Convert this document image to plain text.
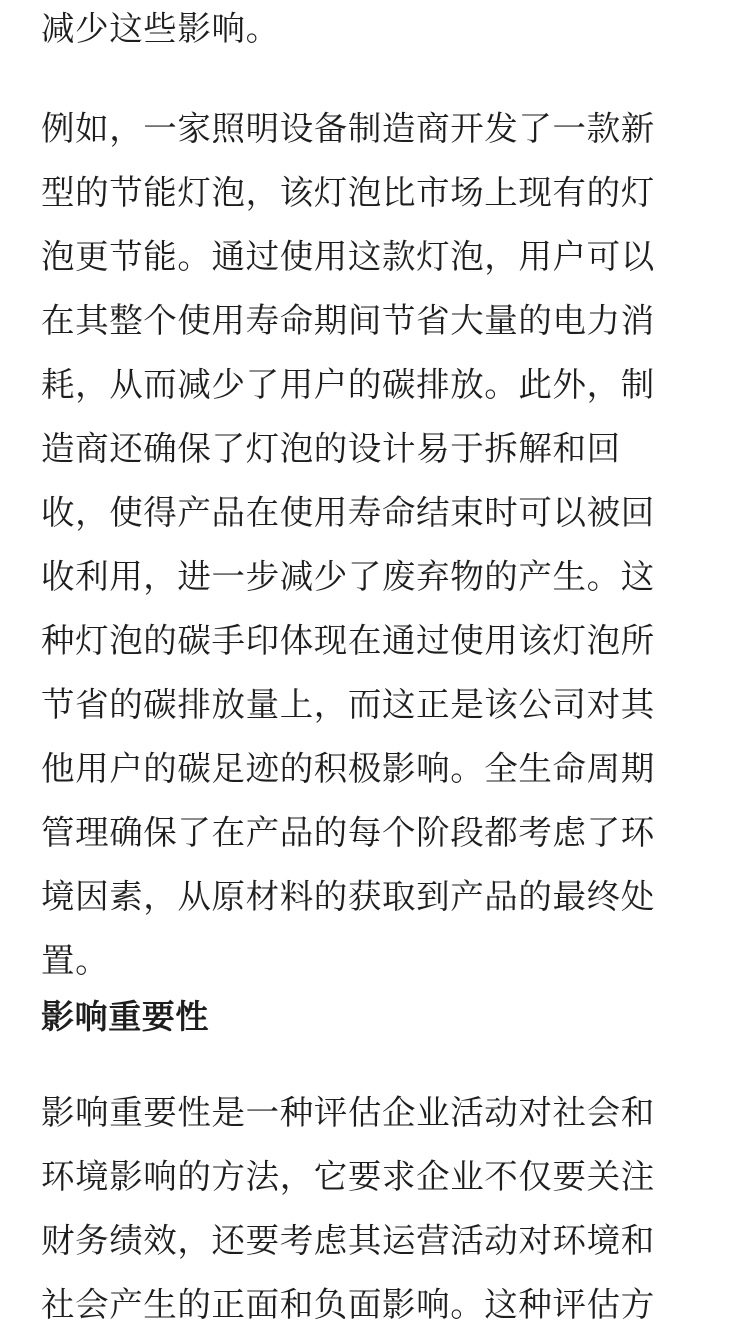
减少这些影响。
例如，一家照明设备制造商开发了一款新
型的节能灯泡，该灯泡比市场上现有的灯
泡更节能。通过使用这款灯泡，用户可以
在其整个使用寿命期间节省大量的电力消
耗，从而减少了用户的碳排放。此外，制
造商还确保了灯泡的设计易于拆解和回
收，使得产品在使用寿命结束时可以被回
收利用，进一步减少了废弃物的产生。这
种灯泡的碳手印体现在通过使用该灯泡所
节省的碳排放量上，而这正是该公司对其
他用户的碳足迹的积极影响。全生命周期
管理确保了在产品的每个阶段都考虑了环
境因素，从原材料的获取到产品的最终处
置。
影响重要性
影响重要性是一种评估企业活动对社会和
环境影响的方法，它要求企业不仅要关注
财务绩效，还要考虑其运营活动对环境和
社会产生的正面和负面影响。这种评估方
